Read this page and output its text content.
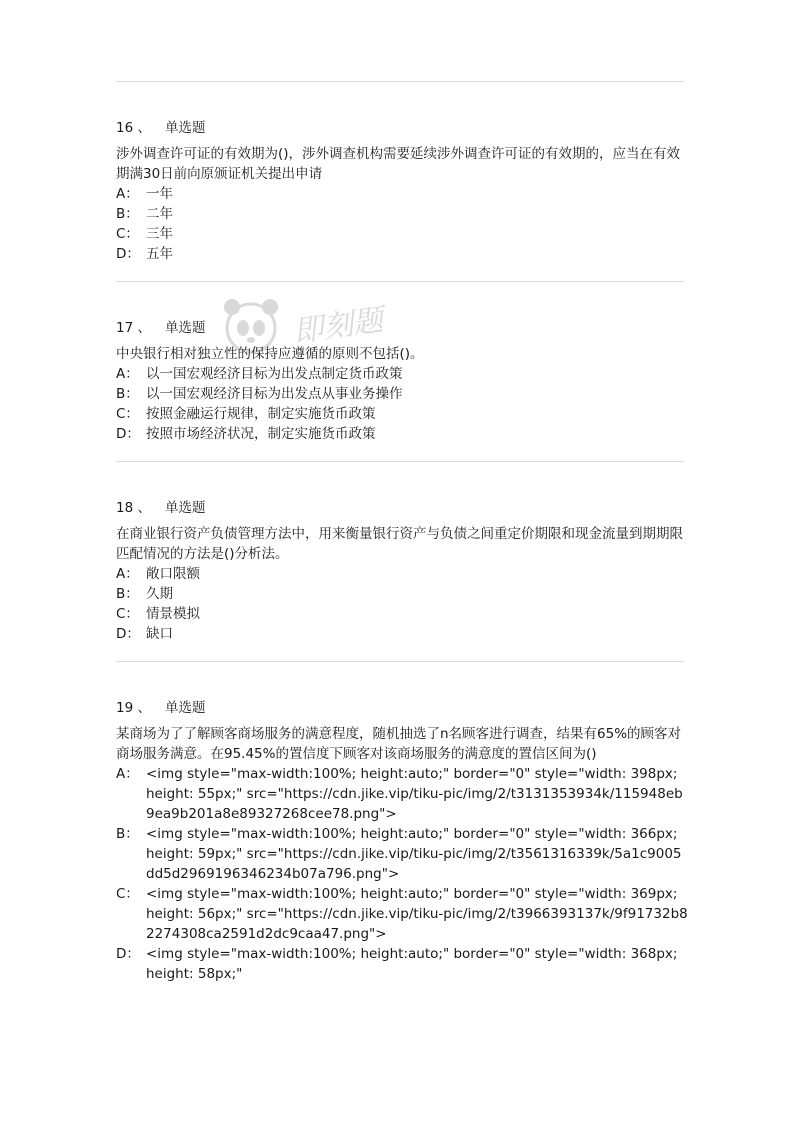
16 、 单选题

涉外调查许可证的有效期为()，涉外调查机构需要延续涉外调查许可证的有效期的，应当在有效期满30日前向原颁证机关提出申请

A： 一年
B： 二年
C： 三年
D： 五年

17 、 单选题

中央银行相对独立性的保持应遵循的原则不包括()。

A： 以一国宏观经济目标为出发点制定货币政策
B： 以一国宏观经济目标为出发点从事业务操作
C： 按照金融运行规律，制定实施货币政策
D： 按照市场经济状况，制定实施货币政策

18 、 单选题

在商业银行资产负债管理方法中，用来衡量银行资产与负债之间重定价期限和现金流量到期期限匹配情况的方法是()分析法。

A： 敞口限额
B： 久期
C： 情景模拟
D： 缺口

19 、 单选题

某商场为了了解顾客商场服务的满意程度，随机抽选了n名顾客进行调查，结果有65%的顾客对商场服务满意。在95.45%的置信度下顾客对该商场服务的满意度的置信区间为()

A： <img style="max-width:100%; height:auto;" border="0" style="width: 398px; height: 55px;" src="https://cdn.jike.vip/tiku-pic/img/2/t3131353934k/115948eb9ea9b201a8e89327268cee78.png">
B： <img style="max-width:100%; height:auto;" border="0" style="width: 366px; height: 59px;" src="https://cdn.jike.vip/tiku-pic/img/2/t3561316339k/5a1c9005dd5d2969196346234b07a796.png">
C： <img style="max-width:100%; height:auto;" border="0" style="width: 369px; height: 56px;" src="https://cdn.jike.vip/tiku-pic/img/2/t3966393137k/9f91732b82274308ca2591d2dc9caa47.png">
D： <img style="max-width:100%; height:auto;" border="0" style="width: 368px; height: 58px;"
即刻题
